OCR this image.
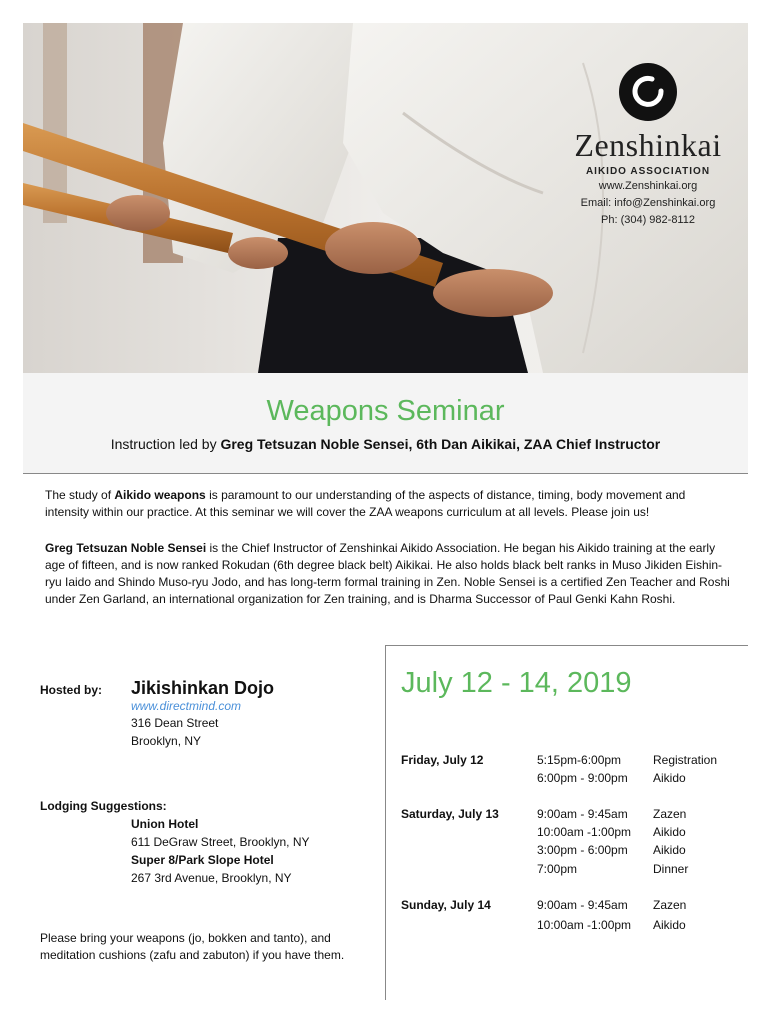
Zenshinkai
AIKIDO ASSOCIATION
www.Zenshinkai.org
Email: info@Zenshinkai.org
Ph: (304) 982-8112
Weapons Seminar
Instruction led by Greg Tetsuzan Noble Sensei, 6th Dan Aikikai, ZAA Chief Instructor
The study of Aikido weapons is paramount to our understanding of the aspects of distance, timing, body movement and intensity within our practice. At this seminar we will cover the ZAA weapons curriculum at all levels. Please join us!
Greg Tetsuzan Noble Sensei is the Chief Instructor of Zenshinkai Aikido Association. He began his Aikido training at the early age of fifteen, and is now ranked Rokudan (6th degree black belt) Aikikai. He also holds black belt ranks in Muso Jikiden Eishin-ryu Iaido and Shindo Muso-ryu Jodo, and has long-term formal training in Zen. Noble Sensei is a certified Zen Teacher and Roshi under Zen Garland, an international organization for Zen training, and is Dharma Successor of Paul Genki Kahn Roshi.
Hosted by: Jikishinkan Dojo
www.directmind.com
316 Dean Street
Brooklyn, NY
Lodging Suggestions:
Union Hotel
611 DeGraw Street, Brooklyn, NY
Super 8/Park Slope Hotel
267 3rd Avenue, Brooklyn, NY
Please bring your weapons (jo, bokken and tanto), and meditation cushions (zafu and zabuton) if you have them.
July 12 - 14, 2019
Friday, July 12	5:15pm-6:00pm	Registration
6:00pm - 9:00pm Aikido
Saturday, July 13	9:00am - 9:45am Zazen
10:00am -1:00pm Aikido
3:00pm - 6:00pm Aikido
7:00pm	Dinner
Sunday, July 14	9:00am - 9:45am Zazen
10:00am -1:00pm Aikido
